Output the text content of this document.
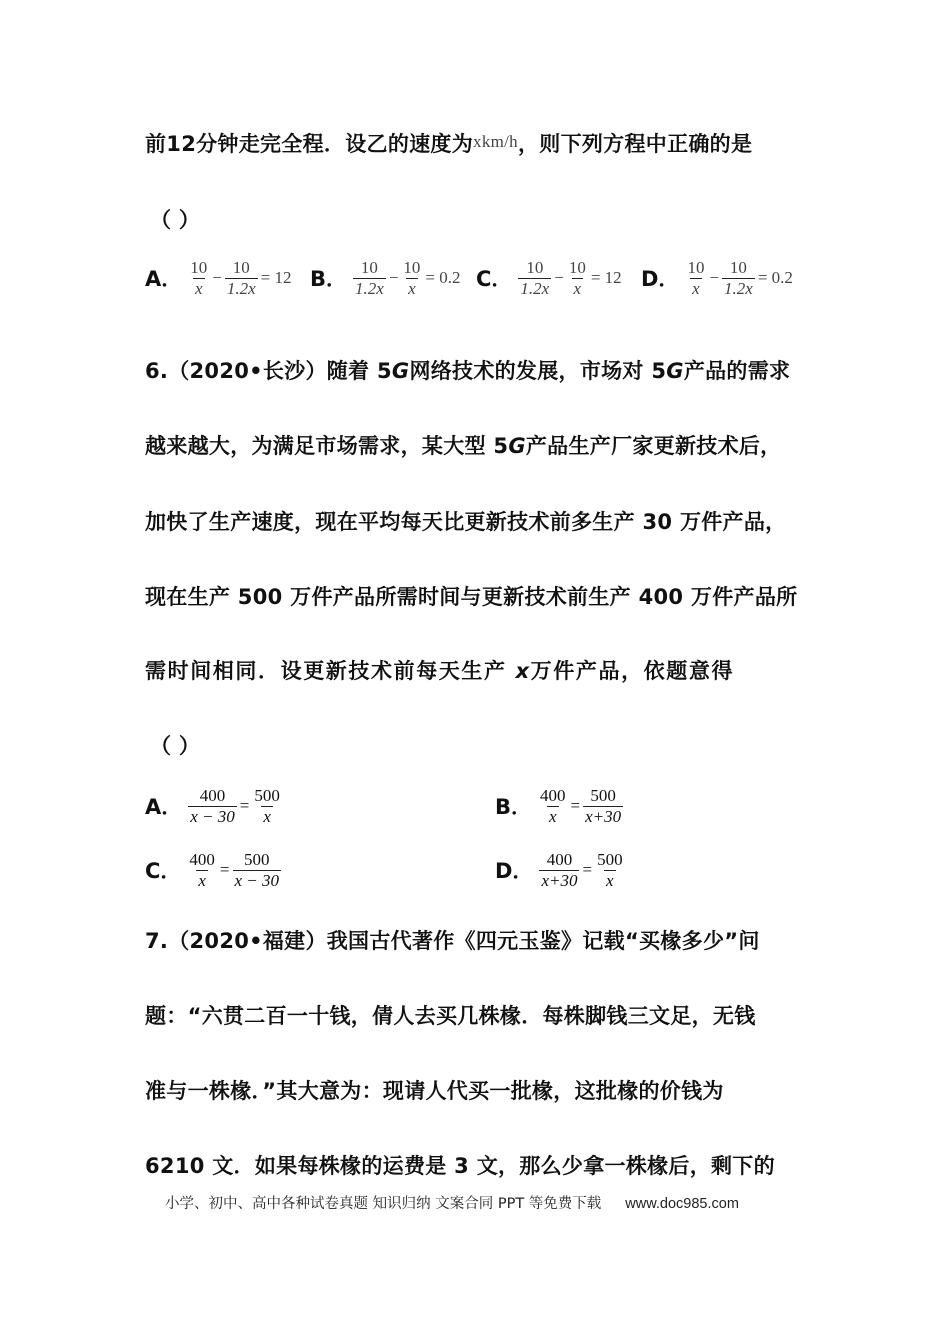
前12分钟走完全程．设乙的速度为xkm/h，则下列方程中正确的是
（ ）
A． $\frac{10}{x} - \frac{10}{1.2x} = 12$ B． $\frac{10}{1.2x} - \frac{10}{x} = 0.2$ C． $\frac{10}{1.2x} - \frac{10}{x} = 12$ D． $\frac{10}{x} - \frac{10}{1.2x} = 0.2$
6.（2020•长沙）随着 5G网络技术的发展，市场对 5G产品的需求
越来越大，为满足市场需求，某大型 5G产品生产厂家更新技术后，
加快了生产速度，现在平均每天比更新技术前多生产 30 万件产品，
现在生产 500 万件产品所需时间与更新技术前生产 400 万件产品所
需时间相同．设更新技术前每天生产 x万件产品，依题意得
（ ）
A． $\frac{400}{x - 30} = \frac{500}{x}$	B． $\frac{400}{x} = \frac{500}{x+30}$
C． $\frac{400}{x} = \frac{500}{x - 30}$	D． $\frac{400}{x+30} = \frac{500}{x}$
7.（2020•福建）我国古代著作《四元玉鉴》记载“买椽多少”问
题：“六贯二百一十钱，倩人去买几株椽．每株脚钱三文足，无钱
准与一株椽．”其大意为：现请人代买一批椽，这批椽的价钱为
6210 文．如果每株椽的运费是 3 文，那么少拿一株椽后，剩下的
小学、初中、高中各种试卷真题 知识归纳 文案合同 PPT 等免费下载 www.doc985.com
